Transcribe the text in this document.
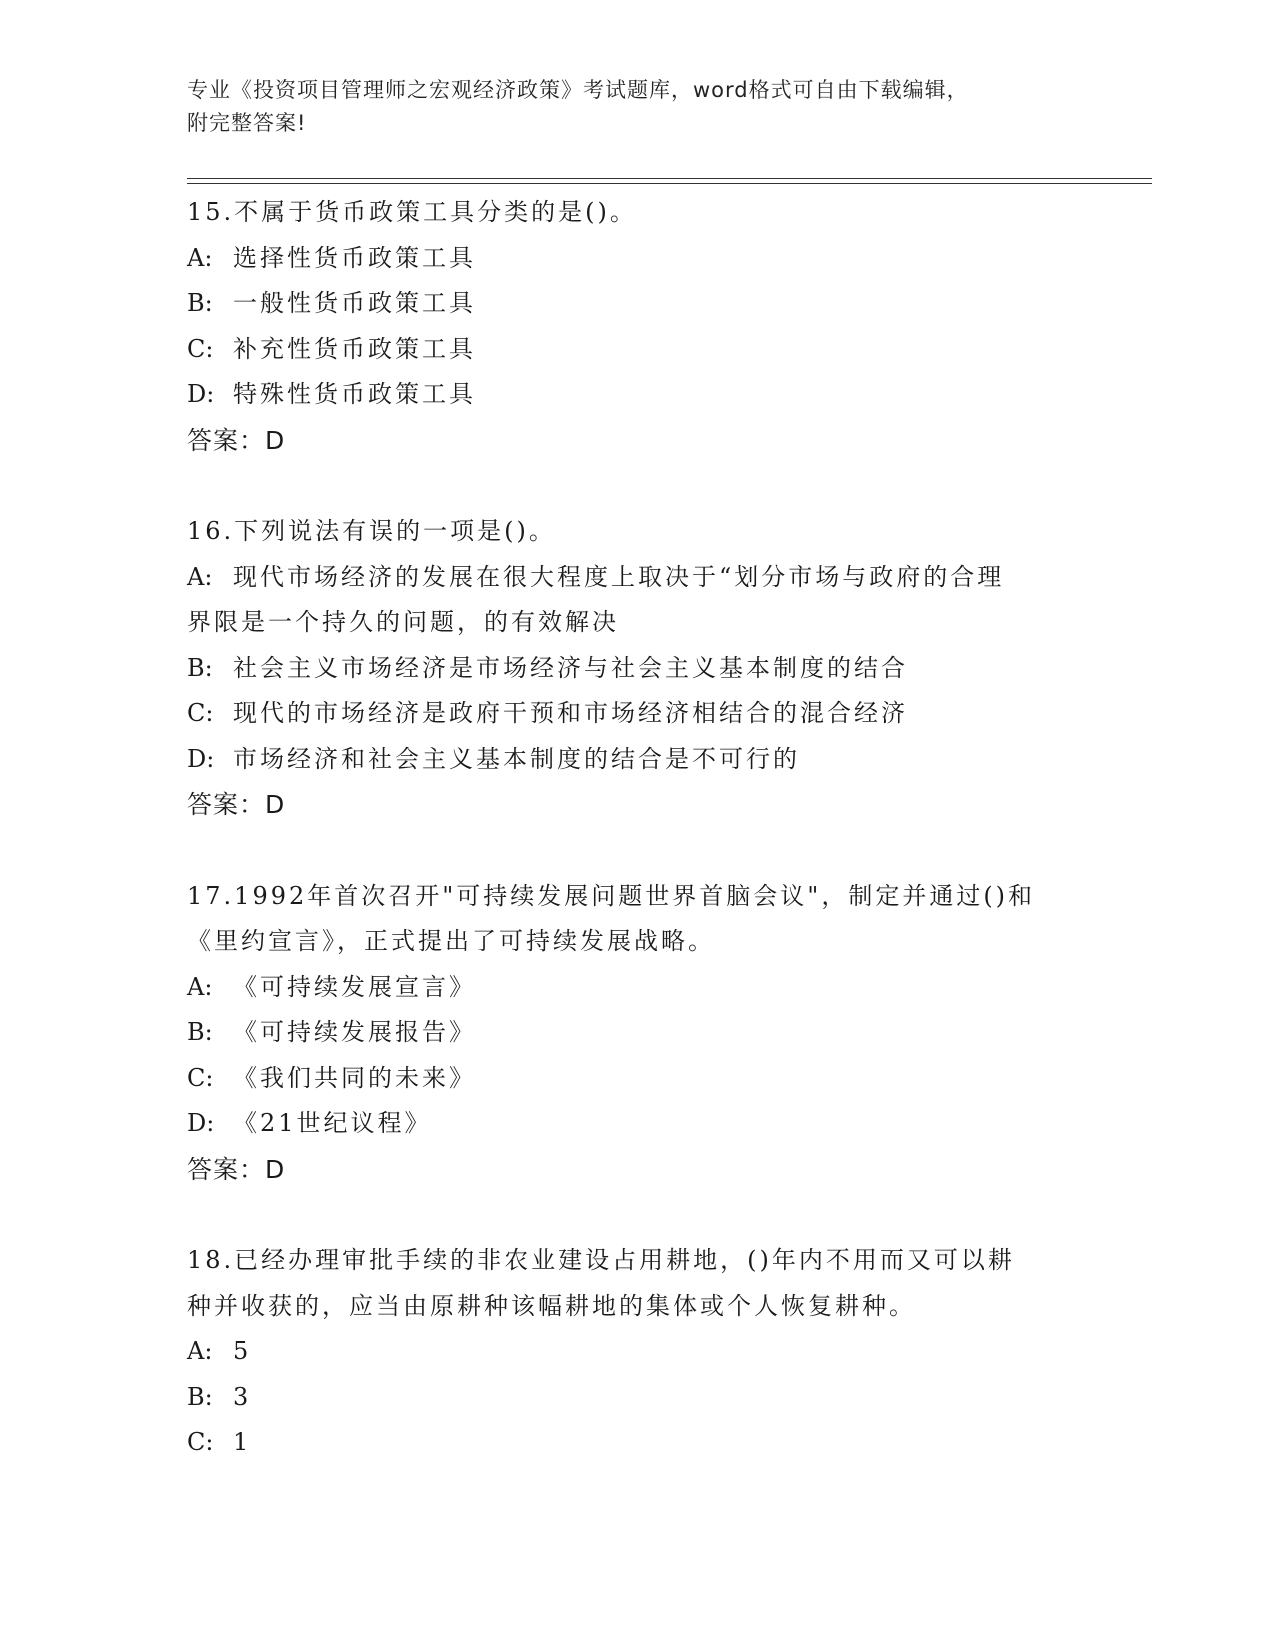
专业《投资项目管理师之宏观经济政策》考试题库，word格式可自由下载编辑，
附完整答案!

15.不属于货币政策工具分类的是()。

A: 选择性货币政策工具

B: 一般性货币政策工具

C: 补充性货币政策工具

D: 特殊性货币政策工具

答案：D

16.下列说法有误的一项是()。

A: 现代市场经济的发展在很大程度上取决于“划分市场与政府的合理

界限是一个持久的问题，的有效解决

B: 社会主义市场经济是市场经济与社会主义基本制度的结合

C: 现代的市场经济是政府干预和市场经济相结合的混合经济

D: 市场经济和社会主义基本制度的结合是不可行的

答案：D

17.1992年首次召开"可持续发展问题世界首脑会议"，制定并通过()和

《里约宣言》，正式提出了可持续发展战略。

A: 《可持续发展宣言》

B: 《可持续发展报告》

C: 《我们共同的未来》

D: 《21世纪议程》

答案：D

18.已经办理审批手续的非农业建设占用耕地，()年内不用而又可以耕

种并收获的，应当由原耕种该幅耕地的集体或个人恢复耕种。

A: 5

B: 3

C: 1
